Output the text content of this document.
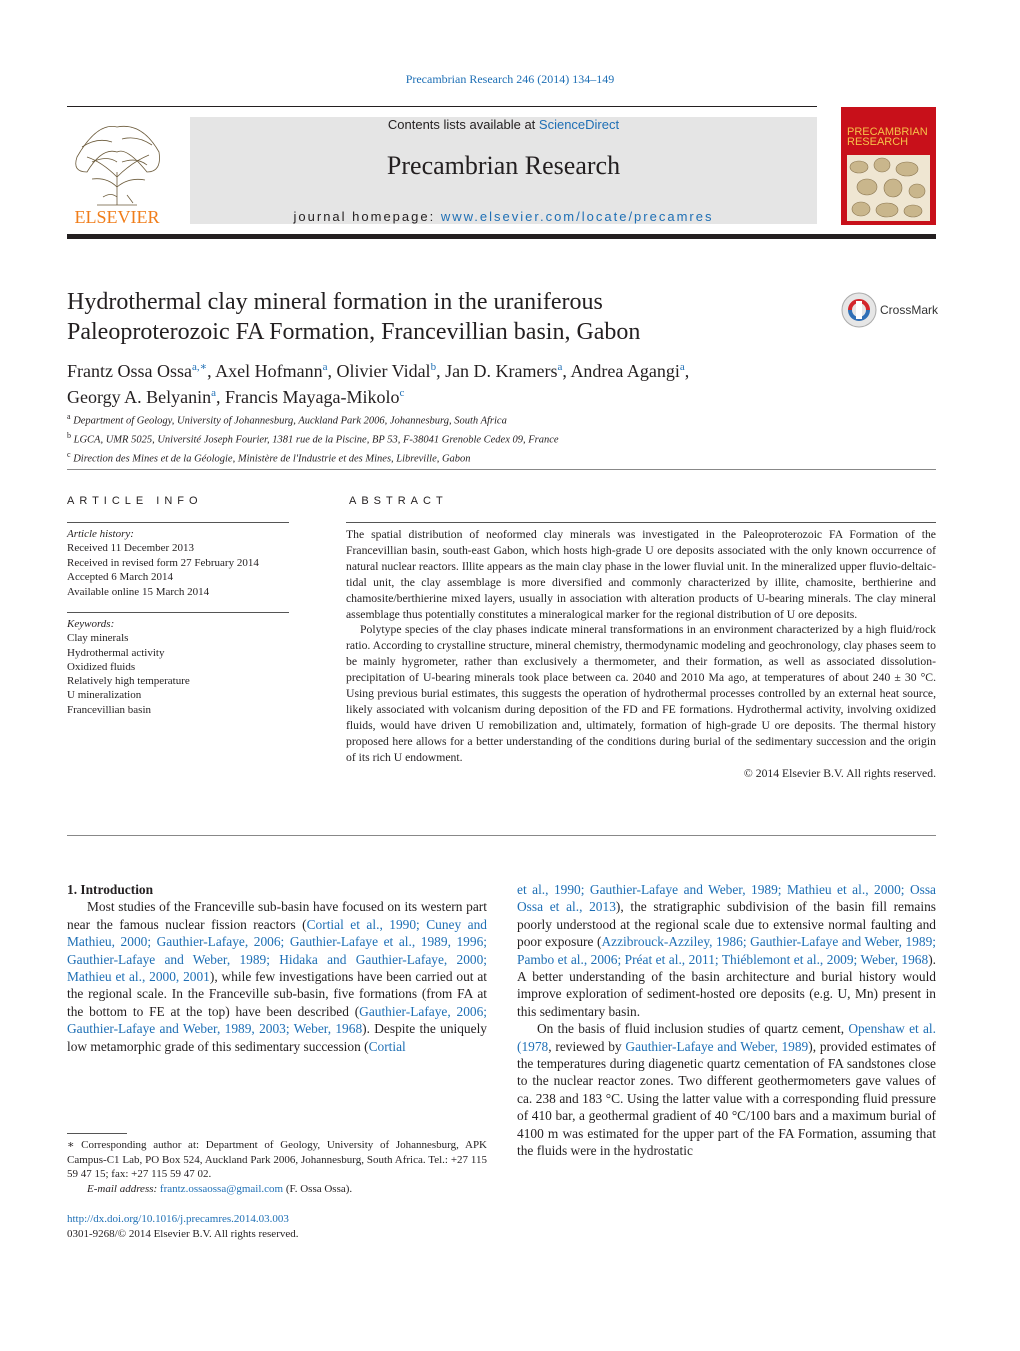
Precambrian Research 246 (2014) 134–149
ELSEVIER
Contents lists available at ScienceDirect
Precambrian Research
journal homepage: www.elsevier.com/locate/precamres
PRECAMBRIAN
RESEARCH
Hydrothermal clay mineral formation in the uraniferous
Paleoproterozoic FA Formation, Francevillian basin, Gabon
CrossMark
Frantz Ossa Ossa$^{a,∗}$, Axel Hofmann$^a$, Olivier Vidal$^b$, Jan D. Kramers$^a$, Andrea Agangi$^a$,
Georgy A. Belyanin$^a$, Francis Mayaga-Mikolo$^c$
$^a$ Department of Geology, University of Johannesburg, Auckland Park 2006, Johannesburg, South Africa
$^b$ LGCA, UMR 5025, Université Joseph Fourier, 1381 rue de la Piscine, BP 53, F-38041 Grenoble Cedex 09, France
$^c$ Direction des Mines et de la Géologie, Ministère de l'Industrie et des Mines, Libreville, Gabon
ARTICLE INFO	ABSTRACT
Article history:
Received 11 December 2013
Received in revised form 27 February 2014
Accepted 6 March 2014
Available online 15 March 2014
Keywords:
Clay minerals
Hydrothermal activity
Oxidized fluids
Relatively high temperature
U mineralization
Francevillian basin

The spatial distribution of neoformed clay minerals was investigated in the Paleoproterozoic FA Formation of the Francevillian basin, south-east Gabon, which hosts high-grade U ore deposits associated with the only known occurrence of natural nuclear reactors. Illite appears as the main clay phase in the lower fluvial unit. In the mineralized upper fluvio-deltaic-tidal unit, the clay assemblage is more diversified and commonly characterized by illite, chamosite, berthierine and chamosite/berthierine mixed layers, usually in association with alteration products of U-bearing minerals. The clay mineral assemblage thus potentially constitutes a mineralogical marker for the regional distribution of U ore deposits.

Polytype species of the clay phases indicate mineral transformations in an environment characterized by a high fluid/rock ratio. According to crystalline structure, mineral chemistry, thermodynamic modeling and geochronology, clay phases seem to be mainly hygrometer, rather than exclusively a thermometer, and their formation, as well as associated dissolution-precipitation of U-bearing minerals took place between ca. 2040 and 2010 Ma ago, at temperatures of about 240 ± 30 °C. Using previous burial estimates, this suggests the operation of hydrothermal processes controlled by an external heat source, likely associated with volcanism during deposition of the FD and FE formations. Hydrothermal activity, involving oxidized fluids, would have driven U remobilization and, ultimately, formation of high-grade U ore deposits. The thermal history proposed here allows for a better understanding of the conditions during burial of the sedimentary succession and the origin of its rich U endowment.

© 2014 Elsevier B.V. All rights reserved.

1. Introduction

Most studies of the Franceville sub-basin have focused on its western part near the famous nuclear fission reactors (Cortial et al., 1990; Cuney and Mathieu, 2000; Gauthier-Lafaye, 2006; Gauthier-Lafaye et al., 1989, 1996; Gauthier-Lafaye and Weber, 1989; Hidaka and Gauthier-Lafaye, 2000; Mathieu et al., 2000, 2001), while few investigations have been carried out at the regional scale. In the Franceville sub-basin, five formations (from FA at the bottom to FE at the top) have been described (Gauthier-Lafaye, 2006; Gauthier-Lafaye and Weber, 1989, 2003; Weber, 1968). Despite the uniquely low metamorphic grade of this sedimentary succession (Cortial

∗ Corresponding author at: Department of Geology, University of Johannesburg, APK Campus-C1 Lab, PO Box 524, Auckland Park 2006, Johannesburg, South Africa. Tel.: +27 115 59 47 15; fax: +27 115 59 47 02.
E-mail address: frantz.ossaossa@gmail.com (F. Ossa Ossa).
http://dx.doi.org/10.1016/j.precamres.2014.03.003
0301-9268/© 2014 Elsevier B.V. All rights reserved.

et al., 1990; Gauthier-Lafaye and Weber, 1989; Mathieu et al., 2000; Ossa Ossa et al., 2013), the stratigraphic subdivision of the basin fill remains poorly understood at the regional scale due to extensive normal faulting and poor exposure (Azzibrouck-Azziley, 1986; Gauthier-Lafaye and Weber, 1989; Pambo et al., 2006; Préat et al., 2011; Thiéblemont et al., 2009; Weber, 1968). A better understanding of the basin architecture and burial history would improve exploration of sediment-hosted ore deposits (e.g. U, Mn) present in this sedimentary basin.

On the basis of fluid inclusion studies of quartz cement, Openshaw et al. (1978, reviewed by Gauthier-Lafaye and Weber, 1989), provided estimates of the temperatures during diagenetic quartz cementation of FA sandstones close to the nuclear reactor zones. Two different geothermometers gave values of ca. 238 and 183 °C. Using the latter value with a corresponding fluid pressure of 410 bar, a geothermal gradient of 40 °C/100 bars and a maximum burial of 4100 m was estimated for the upper part of the FA Formation, assuming that the fluids were in the hydrostatic
